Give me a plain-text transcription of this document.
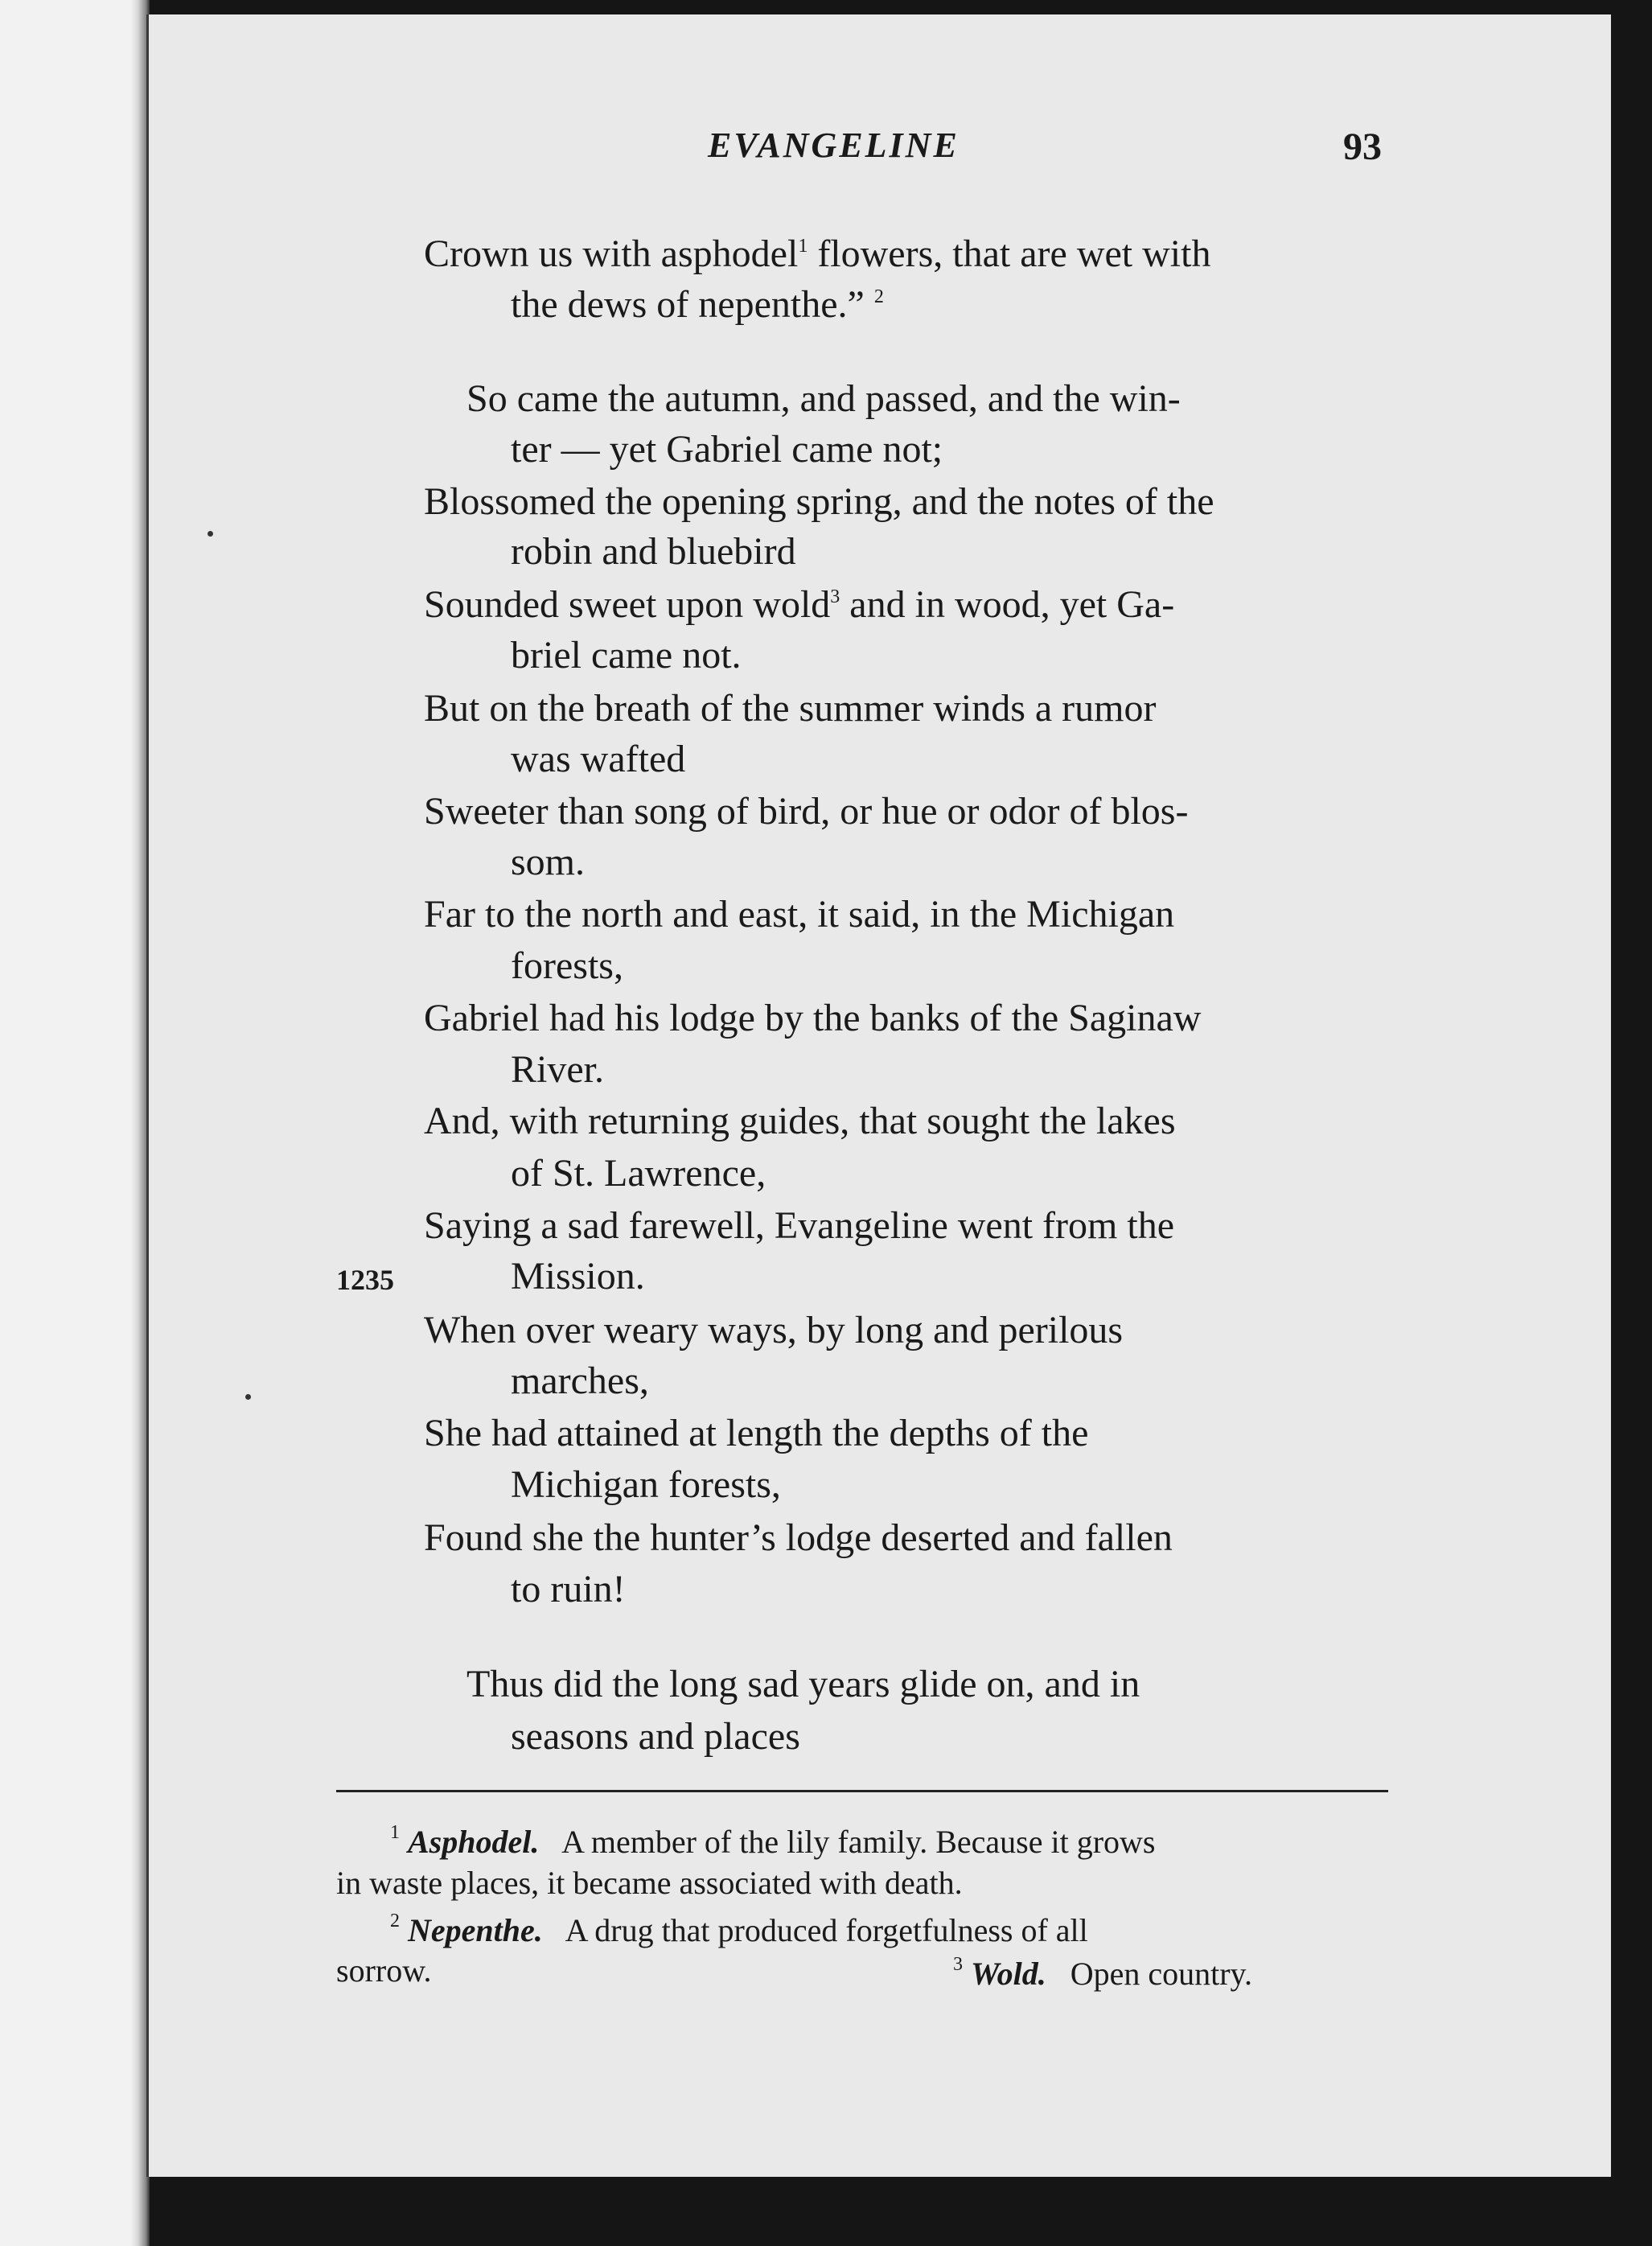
EVANGELINE	93
Crown us with asphodel$^1$ flowers, that are wet with
the dews of nepenthe.” $^2$
So came the autumn, and passed, and the win-
ter — yet Gabriel came not;
Blossomed the opening spring, and the notes of the
robin and bluebird
Sounded sweet upon wold$^3$ and in wood, yet Ga-
briel came not.
But on the breath of the summer winds a rumor
was wafted
Sweeter than song of bird, or hue or odor of blos-
som.
Far to the north and east, it said, in the Michigan
forests,
Gabriel had his lodge by the banks of the Saginaw
River.
And, with returning guides, that sought the lakes
of St. Lawrence,
Saying a sad farewell, Evangeline went from the
Mission.
1235
When over weary ways, by long and perilous
marches,
She had attained at length the depths of the
Michigan forests,
Found she the hunter’s lodge deserted and fallen
to ruin!
Thus did the long sad years glide on, and in
seasons and places
$^1$ Asphodel. A member of the lily family. Because it grows
in waste places, it became associated with death.
$^2$ Nepenthe. A drug that produced forgetfulness of all
sorrow.	$^3$ Wold. Open country.
